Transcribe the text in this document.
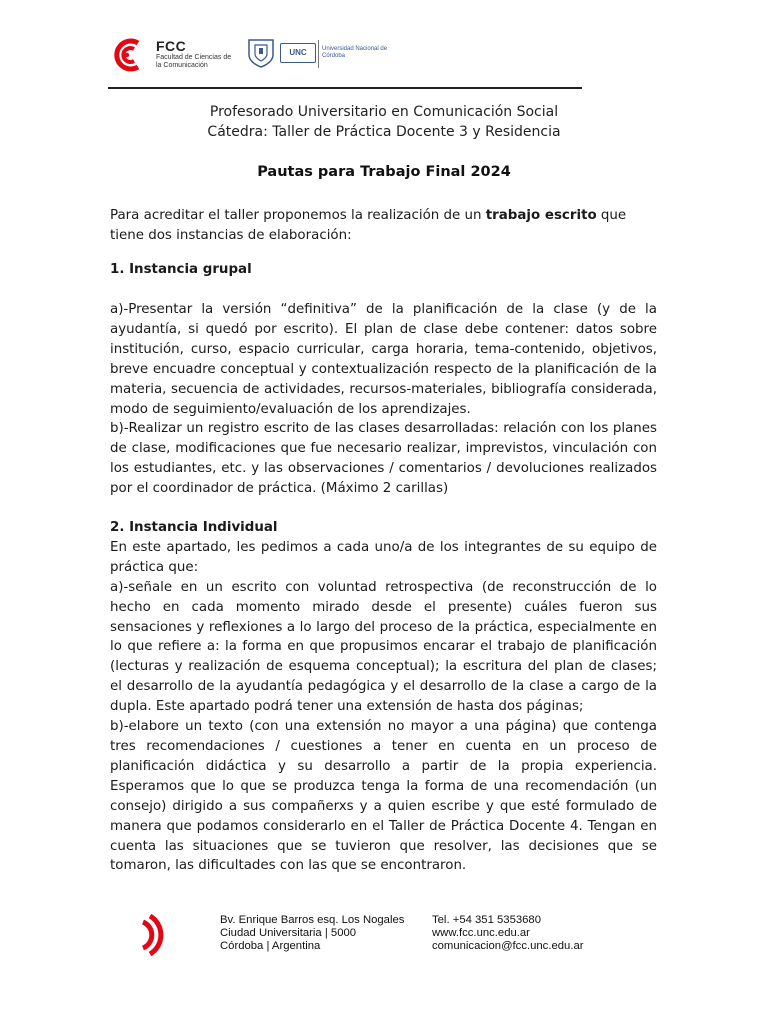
FCC
Facultad de Ciencias de la Comunicación
UNC	Universidad Nacional de Córdoba
Profesorado Universitario en Comunicación Social
Cátedra: Taller de Práctica Docente 3 y Residencia
Pautas para Trabajo Final 2024

Para acreditar el taller proponemos la realización de un trabajo escrito que tiene dos instancias de elaboración:

1. Instancia grupal

a)-Presentar la versión “definitiva” de la planificación de la clase (y de la ayudantía, si quedó por escrito). El plan de clase debe contener: datos sobre institución, curso, espacio curricular, carga horaria, tema-contenido, objetivos, breve encuadre conceptual y contextualización respecto de la planificación de la materia, secuencia de actividades, recursos-materiales, bibliografía considerada, modo de seguimiento/evaluación de los aprendizajes.

b)-Realizar un registro escrito de las clases desarrolladas: relación con los planes de clase, modificaciones que fue necesario realizar, imprevistos, vinculación con los estudiantes, etc. y las observaciones / comentarios / devoluciones realizados por el coordinador de práctica. (Máximo 2 carillas)

2. Instancia Individual

En este apartado, les pedimos a cada uno/a de los integrantes de su equipo de práctica que:

a)-señale en un escrito con voluntad retrospectiva (de reconstrucción de lo hecho en cada momento mirado desde el presente) cuáles fueron sus sensaciones y reflexiones a lo largo del proceso de la práctica, especialmente en lo que refiere a: la forma en que propusimos encarar el trabajo de planificación (lecturas y realización de esquema conceptual); la escritura del plan de clases; el desarrollo de la ayudantía pedagógica y el desarrollo de la clase a cargo de la dupla. Este apartado podrá tener una extensión de hasta dos páginas;

b)-elabore un texto (con una extensión no mayor a una página) que contenga tres recomendaciones / cuestiones a tener en cuenta en un proceso de planificación didáctica y su desarrollo a partir de la propia experiencia. Esperamos que lo que se produzca tenga la forma de una recomendación (un consejo) dirigido a sus compañerxs y a quien escribe y que esté formulado de manera que podamos considerarlo en el Taller de Práctica Docente 4. Tengan en cuenta las situaciones que se tuvieron que resolver, las decisiones que se tomaron, las dificultades con las que se encontraron.

Bv. Enrique Barros esq. Los Nogales
Ciudad Universitaria | 5000
Córdoba | Argentina
Tel. +54 351 5353680
www.fcc.unc.edu.ar
comunicacion@fcc.unc.edu.ar
